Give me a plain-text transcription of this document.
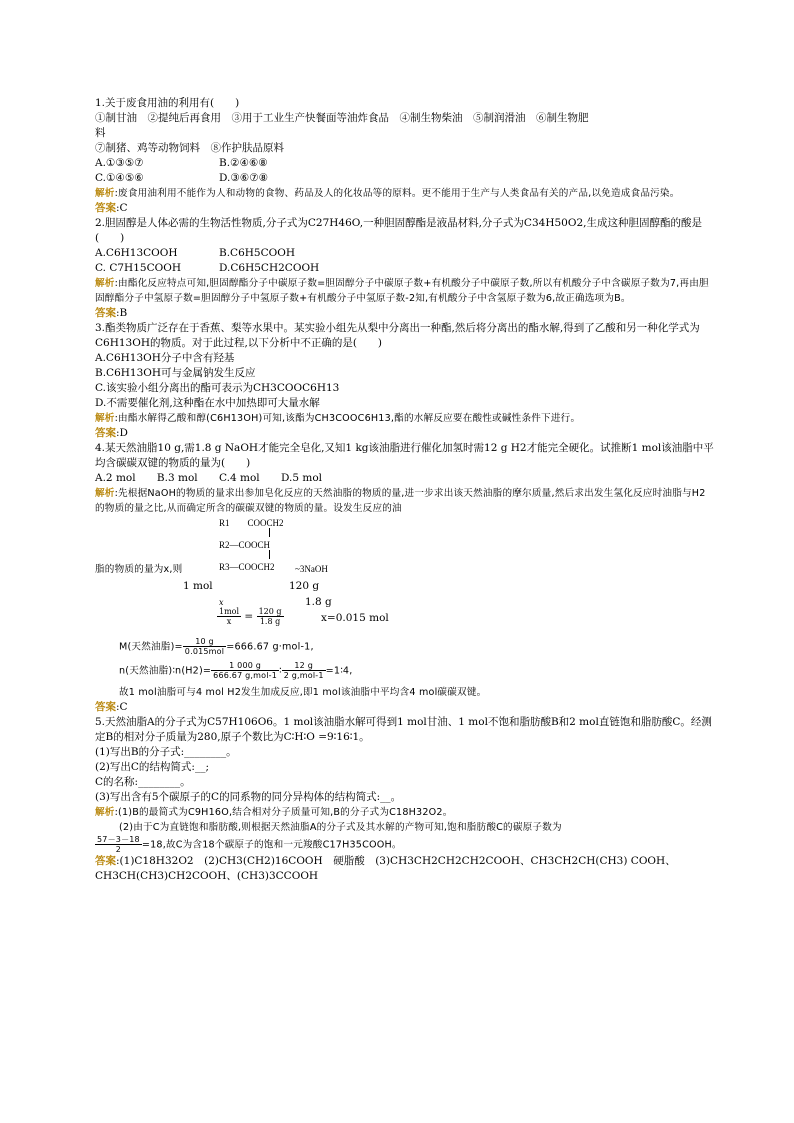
1.关于废食用油的利用有(　　)
①制甘油　②提纯后再食用　③用于工业生产快餐面等油炸食品　④制生物柴油　⑤制润滑油　⑥制生物肥
料
⑦制猪、鸡等动物饲料　⑧作护肤品原料
A.①③⑤⑦	B.②④⑥⑧
C.①④⑤⑥	D.③⑥⑦⑧
解析:废食用油利用不能作为人和动物的食物、药品及人的化妆品等的原料。更不能用于生产与人类食品有关的产品,以免造成食品污染。
答案:C
2.胆固醇是人体必需的生物活性物质,分子式为C27H46O,一种胆固醇酯是液晶材料,分子式为C34H50O2,生成这种胆固醇酯的酸是(　　)
A.C6H13COOH	B.C6H5COOH
C. C7H15COOH	D.C6H5CH2COOH
解析:由酯化反应特点可知,胆固醇酯分子中碳原子数=胆固醇分子中碳原子数+有机酸分子中碳原子数,所以有机酸分子中含碳原子数为7,再由胆固醇酯分子中氢原子数=胆固醇分子中氢原子数+有机酸分子中氢原子数-2知,有机酸分子中含氢原子数为6,故正确选项为B。
答案:B
3.酯类物质广泛存在于香蕉、梨等水果中。某实验小组先从梨中分离出一种酯,然后将分离出的酯水解,得到了乙酸和另一种化学式为C6H13OH的物质。对于此过程,以下分析中不正确的是(　　)
A.C6H13OH分子中含有羟基
B.C6H13OH可与金属钠发生反应
C.该实验小组分离出的酯可表示为CH3COOC6H13
D.不需要催化剂,这种酯在水中加热即可大量水解
解析:由酯水解得乙酸和醇(C6H13OH)可知,该酯为CH3COOC6H13,酯的水解反应要在酸性或碱性条件下进行。
答案:D
4.某天然油脂10 g,需1.8 g NaOH才能完全皂化,又知1 kg该油脂进行催化加氢时需12 g H2才能完全硬化。试推断1 mol该油脂中平均含碳碳双键的物质的量为(　　)
A.2 mol B.3 mol C.4 mol D.5 mol
解析:先根据NaOH的物质的量求出参加皂化反应的天然油脂的物质的量,进一步求出该天然油脂的摩尔质量,然后求出发生氢化反应时油脂与H2的物质的量之比,从而确定所含的碳碳双键的物质的量。设发生反应的油
R1　　COOCH2
R2—COOCH
R3—COOCH2 ~3NaOH
脂的物质的量为x,则
1 mol	120 g
1.8 g
x
$\frac{\text{1mol}}{x} = \frac{120 g}{1.8 g}$	x=0.015 mol
M(天然油脂)= $\frac{10 g}{\text{0.015mol}} =666.67$ g·mol-1,
n(天然油脂)∶n(H2)= $\frac{1 000 g}{\text{666.67 g,mol-1}}$ ∶ $\frac{12 g}{\text{2 g,mol-1}}$ =1∶4,
故1 mol油脂可与4 mol H2发生加成反应,即1 mol该油脂中平均含4 mol碳碳双键。
答案:C
5.天然油脂A的分子式为C57H106O6。1 mol该油脂水解可得到1 mol甘油、1 mol不饱和脂肪酸B和2 mol直链饱和脂肪酸C。经测定B的相对分子质量为280,原子个数比为C∶H∶O =9∶16∶1。
(1)写出B的分子式:________。
(2)写出C的结构简式:__;
C的名称:________。
(3)写出含有5个碳原子的C的同系物的同分异构体的结构简式:__。
解析:(1)B的最简式为C9H16O,结合相对分子质量可知,B的分子式为C18H32O2。
(2)由于C为直链饱和脂肪酸,则根据天然油脂A的分子式及其水解的产物可知,饱和脂肪酸C的碳原子数为
$\frac{57-3-18}{2} =18$,故C为含18个碳原子的饱和一元羧酸C17H35COOH。
答案:(1)C18H32O2　(2)CH3(CH2)16COOH　硬脂酸　(3)CH3CH2CH2CH2COOH、CH3CH2CH(CH3) COOH、CH3CH(CH3)CH2COOH、(CH3)3CCOOH
